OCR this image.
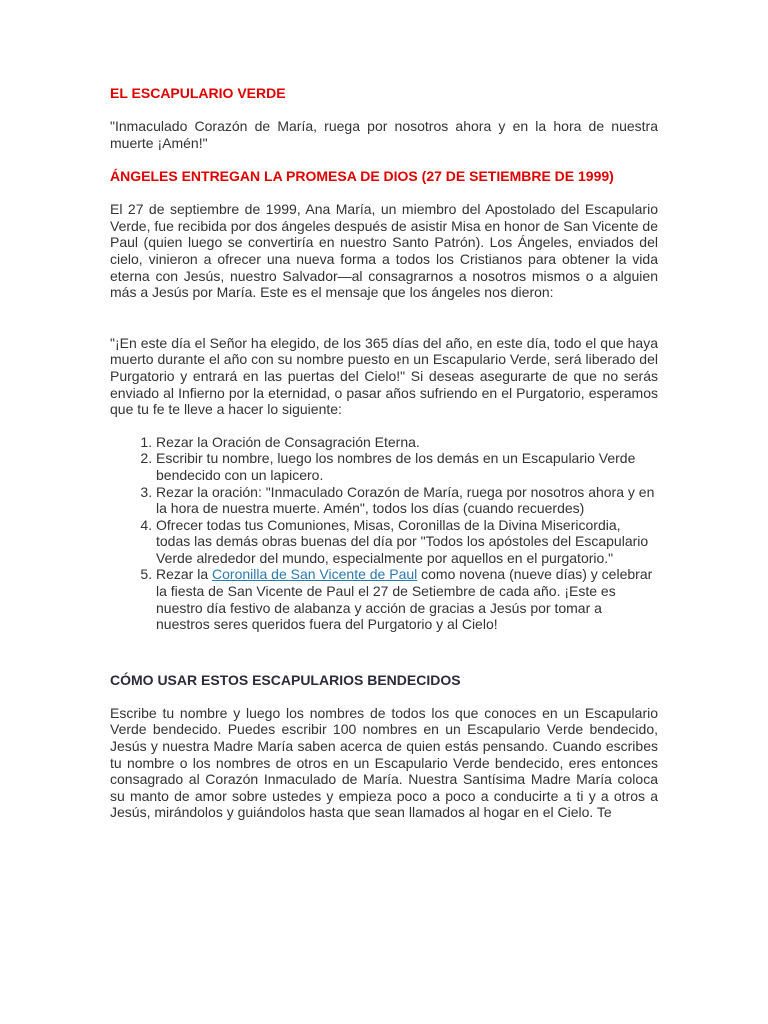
EL ESCAPULARIO VERDE

"Inmaculado Corazón de María, ruega por nosotros ahora y en la hora de nuestra muerte ¡Amén!"

ÁNGELES ENTREGAN LA PROMESA DE DIOS (27 DE SETIEMBRE DE 1999)

El 27 de septiembre de 1999, Ana María, un miembro del Apostolado del Escapulario Verde, fue recibida por dos ángeles después de asistir Misa en honor de San Vicente de Paul (quien luego se convertiría en nuestro Santo Patrón). Los Ángeles, enviados del cielo, vinieron a ofrecer una nueva forma a todos los Cristianos para obtener la vida eterna con Jesús, nuestro Salvador—al consagrarnos a nosotros mismos o a alguien más a Jesús por María. Este es el mensaje que los ángeles nos dieron:

"¡En este día el Señor ha elegido, de los 365 días del año, en este día, todo el que haya muerto durante el año con su nombre puesto en un Escapulario Verde, será liberado del Purgatorio y entrará en las puertas del Cielo!" Si deseas asegurarte de que no serás enviado al Infierno por la eternidad, o pasar años sufriendo en el Purgatorio, esperamos que tu fe te lleve a hacer lo siguiente:

1. Rezar la Oración de Consagración Eterna.
2. Escribir tu nombre, luego los nombres de los demás en un Escapulario Verde bendecido con un lapicero.
3. Rezar la oración: "Inmaculado Corazón de María, ruega por nosotros ahora y en la hora de nuestra muerte. Amén", todos los días (cuando recuerdes)
4. Ofrecer todas tus Comuniones, Misas, Coronillas de la Divina Misericordia, todas las demás obras buenas del día por "Todos los apóstoles del Escapulario Verde alrededor del mundo, especialmente por aquellos en el purgatorio."
5. Rezar la Coronilla de San Vicente de Paul como novena (nueve días) y celebrar la fiesta de San Vicente de Paul el 27 de Setiembre de cada año. ¡Este es nuestro día festivo de alabanza y acción de gracias a Jesús por tomar a nuestros seres queridos fuera del Purgatorio y al Cielo!
CÓMO USAR ESTOS ESCAPULARIOS BENDECIDOS

Escribe tu nombre y luego los nombres de todos los que conoces en un Escapulario Verde bendecido. Puedes escribir 100 nombres en un Escapulario Verde bendecido, Jesús y nuestra Madre María saben acerca de quien estás pensando. Cuando escribes tu nombre o los nombres de otros en un Escapulario Verde bendecido, eres entonces consagrado al Corazón Inmaculado de María. Nuestra Santísima Madre María coloca su manto de amor sobre ustedes y empieza poco a poco a conducirte a ti y a otros a Jesús, mirándolos y guiándolos hasta que sean llamados al hogar en el Cielo. Te
